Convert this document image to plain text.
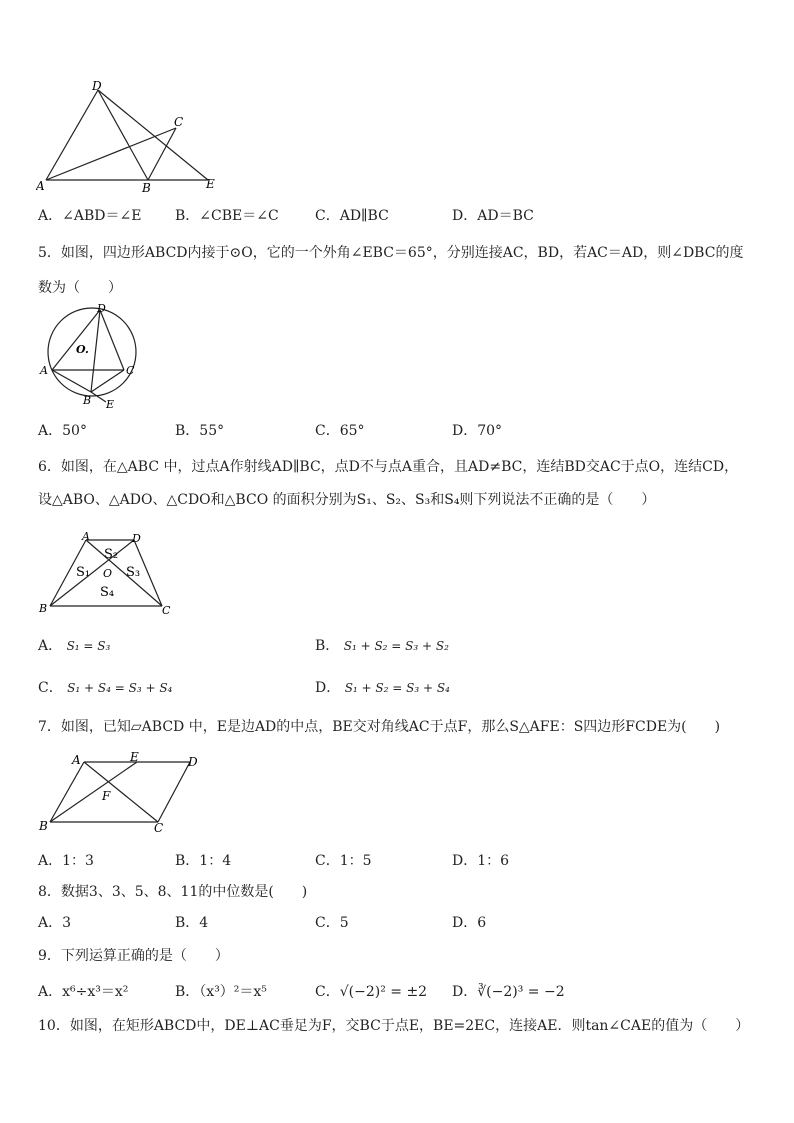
A	B
C
D
E
A．∠ABD＝∠E B．∠CBE＝∠C	C．AD∥BC	D．AD＝BC
5．如图，四边形ABCD内接于⊙O，它的一个外角∠EBC＝65°，分别连接AC，BD，若AC＝AD，则∠DBC的度
数为（　　）
D
O.
A	C
B E
A．50°	B．55°	C．65°	D．70°
6．如图，在△ABC 中，过点A作射线AD∥BC，点D不与点A重合，且AD≠BC，连结BD交AC于点O，连结CD，
设△ABO、△ADO、△CDO和△BCO 的面积分别为S₁、S₂、S₃和S₄则下列说法不正确的是（　　）
A	D
B	C
O
S₁
S₂
S₃
S₄
A． S₁ = S₃	B． S₁ + S₂ = S₃ + S₂
C． S₁ + S₄ = S₃ + S₄	D． S₁ + S₂ = S₃ + S₄
7．如图，已知▱ABCD 中，E是边AD的中点，BE交对角线AC于点F，那么S△AFE：S四边形FCDE为(　　)
A	E	D
F
B	C
A．1：3	B．1：4	C．1：5	D．1：6
8．数据3、3、5、8、11的中位数是(　　)
A．3	B．4	C．5	D．6
9．下列运算正确的是（　　）
A．x⁶÷x³＝x²	B．（x³）²＝x⁵	C．√(−2)² = ±2 D．∛(−2)³ = −2
10．如图，在矩形ABCD中，DE⊥AC垂足为F，交BC于点E，BE=2EC，连接AE．则tan∠CAE的值为（　　）
